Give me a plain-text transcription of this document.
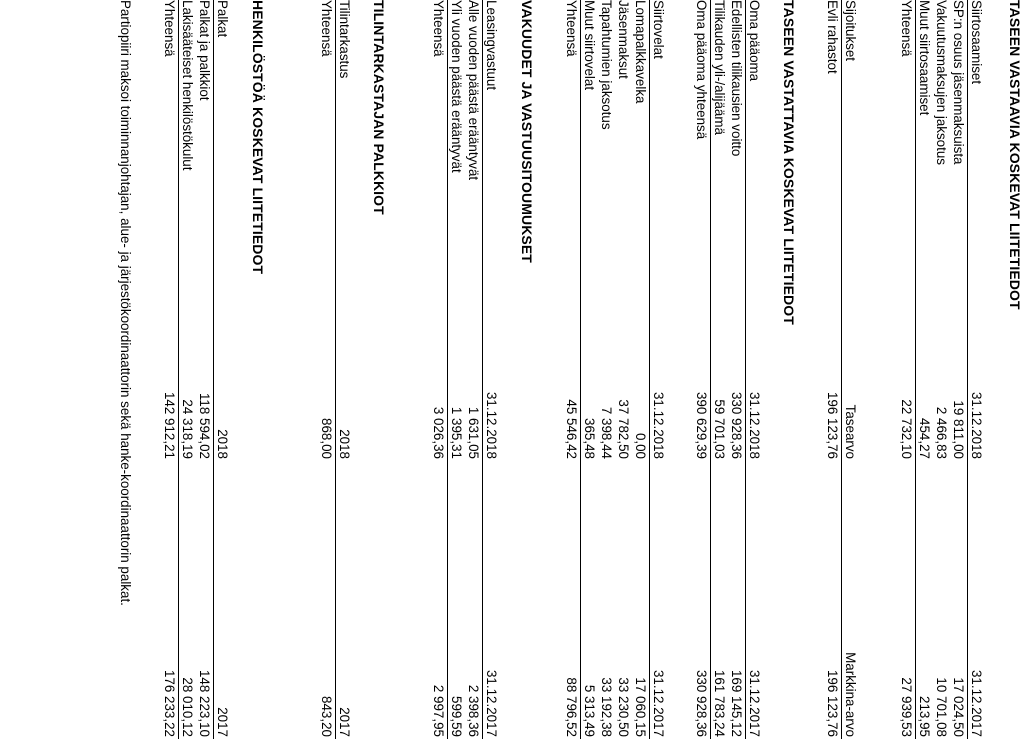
TASEEN VASTAAVIA KOSKEVAT LIITETIEDOT
Siirtosaamiset
31.12.2018
31.12.2017
SP:n osuus jäsenmaksuista
19 811,00
17 024,50
Vakuutusmaksujen jaksotus
2 466,83
10 701,08
Muut siirtosaamiset
454,27
213,95
Yhteensä
22 732,10
27 939,53
Sijoitukset
Tasearvo
Markkina-arvo
Evli rahastot
196 123,76
196 123,76
TASEEN VASTATTAVIA KOSKEVAT LIITETIEDOT
Oma pääoma
31.12.2018
31.12.2017
Edellisten tilikausien voitto
330 928,36
169 145,12
Tilikauden yli-/alijäämä
59 701,03
161 783,24
Oma pääoma yhteensä
390 629,39
330 928,36
Siirtovelat
31.12.2018
31.12.2017
Lomapalkkavelka
0,00
17 060,15
Jäsenmaksut
37 782,50
33 230,50
Tapahtumien jaksotus
7 398,44
33 192,38
Muut siirtovelat
365,48
5 313,49
Yhteensä
45 546,42
88 796,52
VAKUUDET JA VASTUUSITOUMUKSET
Leasingvastuut
31.12.2018
31.12.2017
Alle vuoden päästä erääntyvät
1 631,05
2 398,36
Yli vuoden päästä erääntyvät
1 395,31
599,59
Yhteensä
3 026,36
2 997,95
TILINTARKASTAJAN PALKKIOT
Tilintarkastus
2018
2017
Yhteensä
868,00
843,20
HENKILÖSTÖÄ KOSKEVAT LIITETIEDOT
Palkat
2018
2017
Palkat ja palkkiot
118 594,02
148 223,10
Lakisääteiset henkilöstökulut
24 318,19
28 010,12
Yhteensä
142 912,21
176 233,22
Partiopiiri maksoi toiminnanjohtajan, alue- ja järjestökoordinaattorin sekä hanke-koordinaattorin palkat.
